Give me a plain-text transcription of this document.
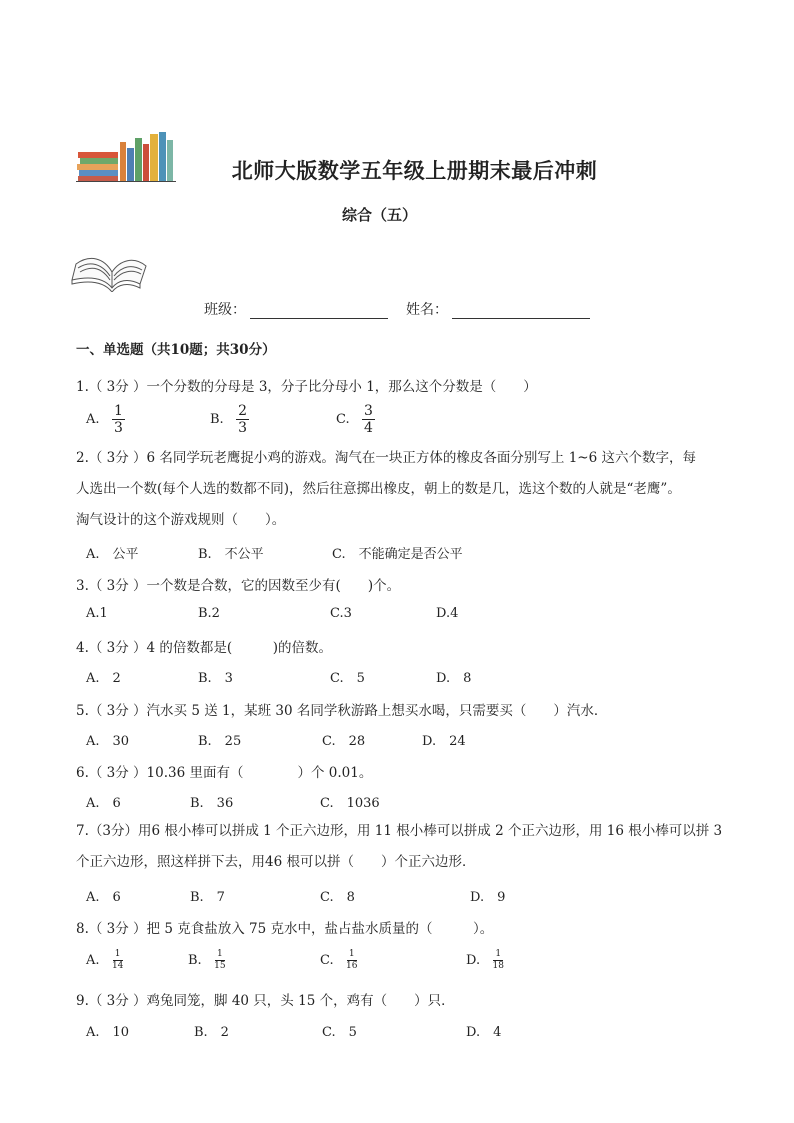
北师大版数学五年级上册期末最后冲刺
综合（五）
班级：	姓名：
一、单选题（共10题；共30分）
1.（ 3分 ）一个分数的分母是 3，分子比分母小 1，那么这个分数是（　　）
A. $\frac{1}{3}$	B. $\frac{2}{3}$	C. $\frac{3}{4}$
2.（ 3分 ）6 名同学玩老鹰捉小鸡的游戏。淘气在一块正方体的橡皮各面分别写上 1~6 这六个数字，每
人选出一个数(每个人选的数都不同)，然后往意掷出橡皮，朝上的数是几，选这个数的人就是“老鹰”。
淘气设计的这个游戏规则（　　）。
A.　公平	B.　不公平	C.　不能确定是否公平
3.（ 3分 ）一个数是合数，它的因数至少有(　　)个。
A.1	B.2	C.3	D.4
4.（ 3分 ）4 的倍数都是(　　　)的倍数。
A.　2	B.　3	C.　5	D.　8
5.（ 3分 ）汽水买 5 送 1，某班 30 名同学秋游路上想买水喝，只需要买（　　）汽水．
A.　30	B.　25	C.　28	D.　24
6.（ 3分 ）10.36 里面有（　　　　）个 0.01。
A.　6	B.　36	C.　1036
7.（3分）用6 根小棒可以拼成 1 个正六边形，用 11 根小棒可以拼成 2 个正六边形，用 16 根小棒可以拼 3
个正六边形，照这样拼下去，用46 根可以拼（　　）个正六边形．
A.　6	B.　7	C.　8	D.　9
8.（ 3分 ）把 5 克食盐放入 75 克水中，盐占盐水质量的（　　　）。
A. $\frac{1}{14}$	B. $\frac{1}{15}$	C. $\frac{1}{16}$	D. $\frac{1}{18}$
9.（ 3分 ）鸡兔同笼，脚 40 只，头 15 个，鸡有（　　）只．
A.　10	B.　2	C.　5	D.　4
